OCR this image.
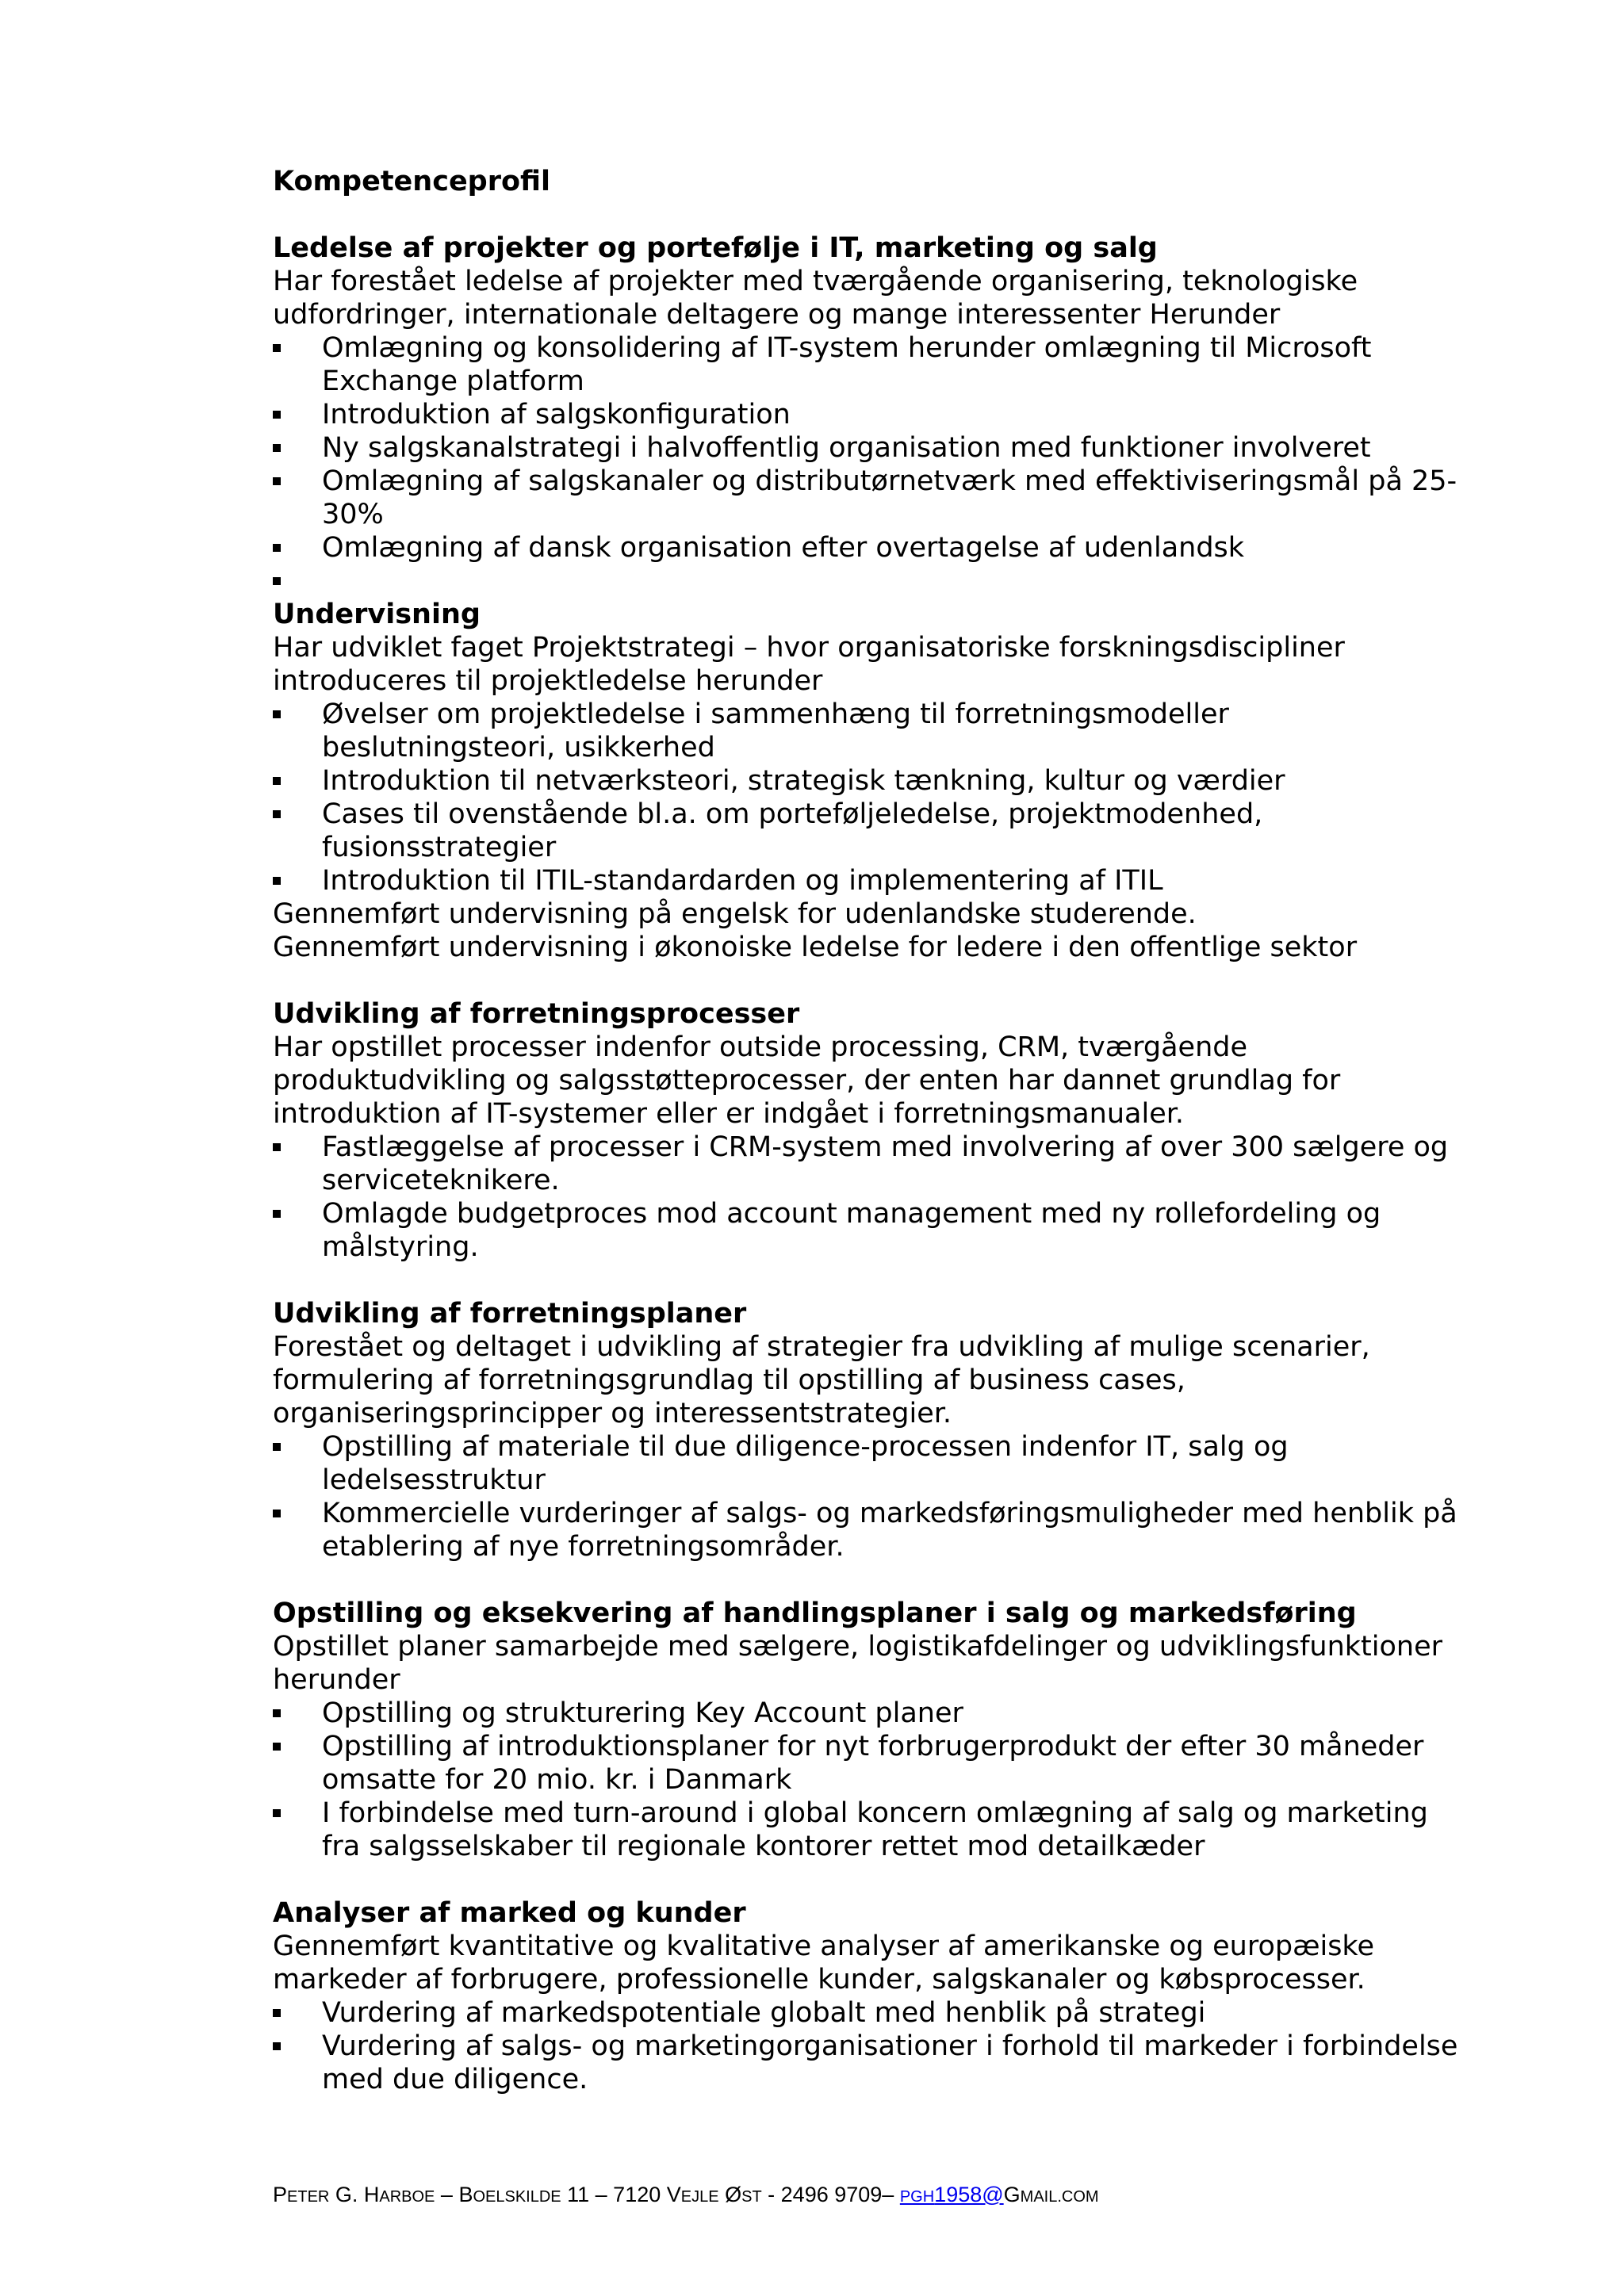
Kompetenceprofil

Ledelse af projekter og portefølje i IT, marketing og salg

Har forestået ledelse af projekter med tværgående organisering, teknologiske udfordringer, internationale deltagere og mange interessenter Herunder

Omlægning og konsolidering af IT-system herunder omlægning til Microsoft Exchange platform
Introduktion af salgskonfiguration
Ny salgskanalstrategi i halvoffentlig organisation med funktioner involveret
Omlægning af salgskanaler og distributørnetværk med effektiviseringsmål på 25-30%
Omlægning af dansk organisation efter overtagelse af udenlandsk
Undervisning

Har udviklet faget Projektstrategi – hvor organisatoriske forskningsdiscipliner introduceres til projektledelse herunder

Øvelser om projektledelse i sammenhæng til forretningsmodeller beslutningsteori, usikkerhed
Introduktion til netværksteori, strategisk tænkning, kultur og værdier
Cases til ovenstående bl.a. om porteføljeledelse, projektmodenhed, fusionsstrategier
Introduktion til ITIL-standardarden og implementering af ITIL

Gennemført undervisning på engelsk for udenlandske studerende.

Gennemført undervisning i økonoiske ledelse for ledere i den offentlige sektor

Udvikling af forretningsprocesser

Har opstillet processer indenfor outside processing, CRM, tværgående produktudvikling og salgsstøtteprocesser, der enten har dannet grundlag for introduktion af IT-systemer eller er indgået i forretningsmanualer.

Fastlæggelse af processer i CRM-system med involvering af over 300 sælgere og serviceteknikere.
Omlagde budgetproces mod account management med ny rollefordeling og målstyring.
Udvikling af forretningsplaner

Forestået og deltaget i udvikling af strategier fra udvikling af mulige scenarier, formulering af forretningsgrundlag til opstilling af business cases, organiseringsprincipper og interessentstrategier.

Opstilling af materiale til due diligence-processen indenfor IT, salg og ledelsesstruktur
Kommercielle vurderinger af salgs- og markedsføringsmuligheder med henblik på etablering af nye forretningsområder.
Opstilling og eksekvering af handlingsplaner i salg og markedsføring

Opstillet planer samarbejde med sælgere, logistikafdelinger og udviklingsfunktioner herunder

Opstilling og strukturering Key Account planer
Opstilling af introduktionsplaner for nyt forbrugerprodukt der efter 30 måneder omsatte for 20 mio. kr. i Danmark
I forbindelse med turn-around i global koncern omlægning af salg og marketing fra salgsselskaber til regionale kontorer rettet mod detailkæder
Analyser af marked og kunder

Gennemført kvantitative og kvalitative analyser af amerikanske og europæiske markeder af forbrugere, professionelle kunder, salgskanaler og købsprocesser.

Vurdering af markedspotentiale globalt med henblik på strategi
Vurdering af salgs- og marketingorganisationer i forhold til markeder i forbindelse med due diligence.
PETER G. HARBOE – BOELSKILDE 11 – 7120 VEJLE ØST - 2496 9709– PGH1958@GMAIL.COM
